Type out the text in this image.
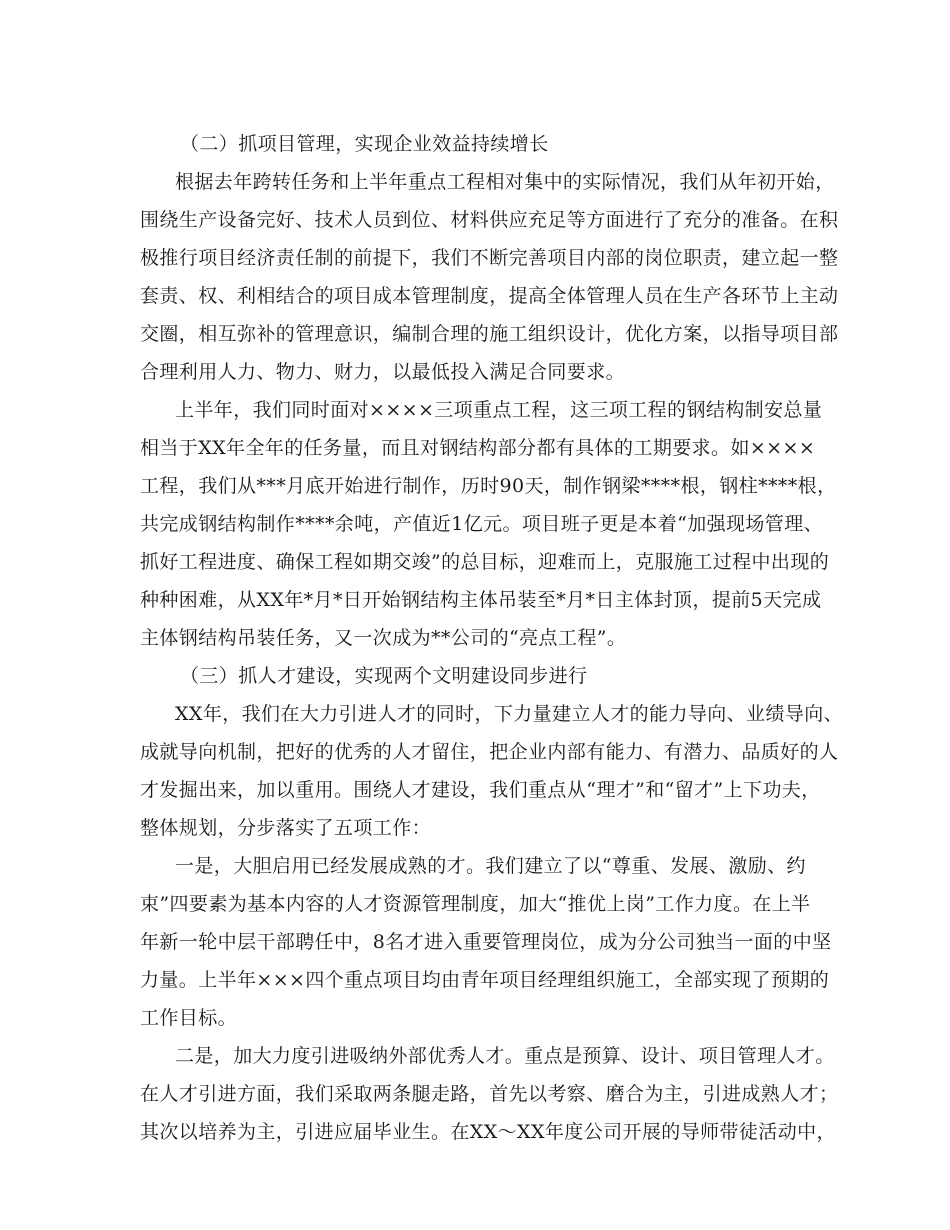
（二）抓项目管理，实现企业效益持续增长
根据去年跨转任务和上半年重点工程相对集中的实际情况，我们从年初开始，
围绕生产设备完好、技术人员到位、材料供应充足等方面进行了充分的准备。在积
极推行项目经济责任制的前提下，我们不断完善项目内部的岗位职责，建立起一整
套责、权、利相结合的项目成本管理制度，提高全体管理人员在生产各环节上主动
交圈，相互弥补的管理意识，编制合理的施工组织设计，优化方案，以指导项目部
合理利用人力、物力、财力，以最低投入满足合同要求。
上半年，我们同时面对××××三项重点工程，这三项工程的钢结构制安总量
相当于XX年全年的任务量，而且对钢结构部分都有具体的工期要求。如××××
工程，我们从***月底开始进行制作，历时90天，制作钢梁****根，钢柱****根，
共完成钢结构制作****余吨，产值近1亿元。项目班子更是本着“加强现场管理、
抓好工程进度、确保工程如期交竣”的总目标，迎难而上，克服施工过程中出现的
种种困难，从XX年*月*日开始钢结构主体吊装至*月*日主体封顶，提前5天完成
主体钢结构吊装任务，又一次成为**公司的“亮点工程”。
（三）抓人才建设，实现两个文明建设同步进行
XX年，我们在大力引进人才的同时，下力量建立人才的能力导向、业绩导向、
成就导向机制，把好的优秀的人才留住，把企业内部有能力、有潜力、品质好的人
才发掘出来，加以重用。围绕人才建设，我们重点从“理才”和“留才”上下功夫，
整体规划，分步落实了五项工作：
一是，大胆启用已经发展成熟的才。我们建立了以“尊重、发展、激励、约
束”四要素为基本内容的人才资源管理制度，加大“推优上岗”工作力度。在上半
年新一轮中层干部聘任中，8名才进入重要管理岗位，成为分公司独当一面的中坚
力量。上半年×××四个重点项目均由青年项目经理组织施工，全部实现了预期的
工作目标。
二是，加大力度引进吸纳外部优秀人才。重点是预算、设计、项目管理人才。
在人才引进方面，我们采取两条腿走路，首先以考察、磨合为主，引进成熟人才；
其次以培养为主，引进应届毕业生。在XX～XX年度公司开展的导师带徒活动中，
